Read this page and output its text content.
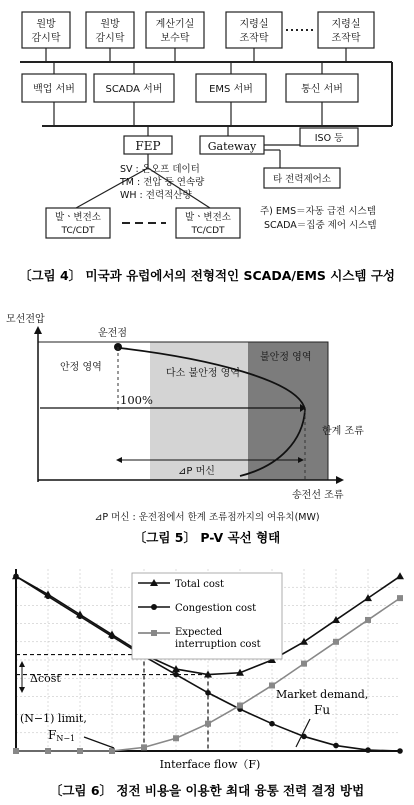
원방
감시탁
원방
감시탁
계산기실
보수탁
지령실
조작탁
지령실
조작탁
백업 서버	SCADA 서버	EMS 서버	통신 서버
FEP	Gateway
ISO 등
타 전력제어소
발ㆍ변전소
TC/CDT
발ㆍ변전소
TC/CDT
SV : 온오프 데이터
TM : 전압 등 연속량
WH : 전력적산량
주) EMS＝자동 급전 시스템
SCADA＝집중 제어 시스템
〔그림 4〕 미국과 유럽에서의 전형적인 SCADA/EMS 시스템 구성
모선전압
운전점
안정 영역
다소 불안정 영역
불안정 영역
100%
한계 조류
⊿P 머신
송전선 조류
⊿P 머신 : 운전점에서 한계 조류점까지의 여유치(MW)
〔그림 5〕 P-V 곡선 형태
Total cost
Congestion cost
Expected
interruption cost
Δcost
(N−1) limit,
FN−1
Market demand,
Fu
Interface flow（F)
〔그림 6〕 정전 비용을 이용한 최대 융통 전력 결정 방법
